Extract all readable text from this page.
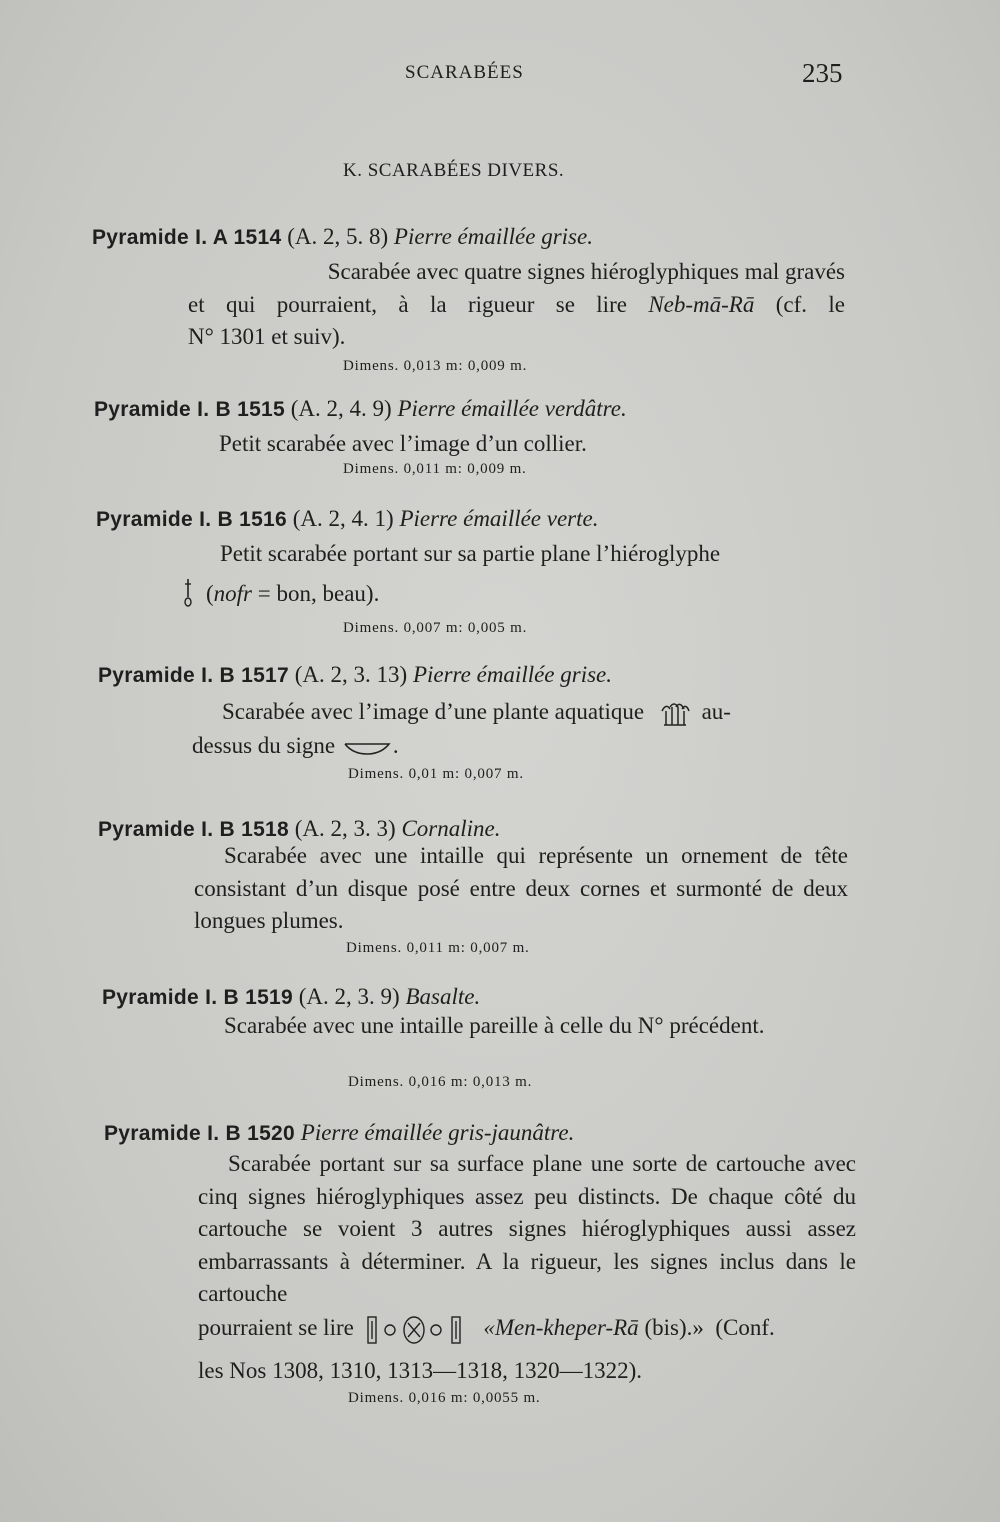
SCARABÉES	235
K. SCARABÉES DIVERS.
Pyramide I. A 1514 (A. 2, 5. 8) Pierre émaillée grise.

Scarabée avec quatre signes hiéroglyphiques mal gravés

et qui pourraient, à la rigueur se lire Neb-mā-Rā (cf. le

N° 1301 et suiv).

Dimens. 0,013 m: 0,009 m.
Pyramide I. B 1515 (A. 2, 4. 9) Pierre émaillée verdâtre.
Petit scarabée avec l’image d’un collier.
Dimens. 0,011 m: 0,009 m.
Pyramide I. B 1516 (A. 2, 4. 1) Pierre émaillée verte.

Petit scarabée portant sur sa partie plane l’hiéroglyphe

(nofr = bon, beau).
Dimens. 0,007 m: 0,005 m.
Pyramide I. B 1517 (A. 2, 3. 13) Pierre émaillée grise.

Scarabée avec l’image d’une plante aquatique	au-

dessus du signe	.
Dimens. 0,01 m: 0,007 m.
Pyramide I. B 1518 (A. 2, 3. 3) Cornaline.
Scarabée avec une intaille qui représente un ornement de tête consistant d’un disque posé entre deux cornes et surmonté de deux longues plumes.
Dimens. 0,011 m: 0,007 m.
Pyramide I. B 1519 (A. 2, 3. 9) Basalte.
Scarabée avec une intaille pareille à celle du N° précédent.
Dimens. 0,016 m: 0,013 m.
Pyramide I. B 1520 Pierre émaillée gris-jaunâtre.
Scarabée portant sur sa surface plane une sorte de cartouche avec cinq signes hiéroglyphiques assez peu distincts. De chaque côté du cartouche se voient 3 autres signes hiéroglyphiques aussi assez embarrassants à déterminer. A la rigueur, les signes inclus dans le cartouche
pourraient se lire	«Men-kheper-Rā (bis).»  (Conf.
les Nos 1308, 1310, 1313—1318, 1320—1322).
Dimens. 0,016 m: 0,0055 m.
